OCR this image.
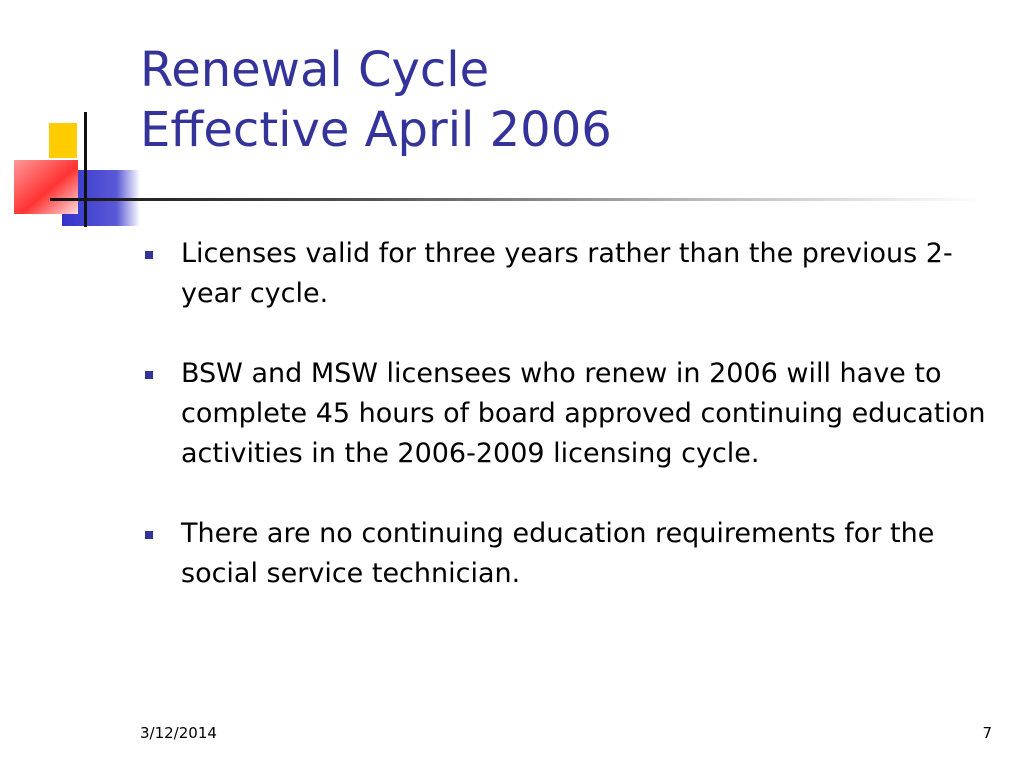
Renewal Cycle
Effective April 2006
Licenses valid for three years rather than the previous 2-year cycle.
BSW and MSW licensees who renew in 2006 will have to complete 45 hours of board approved continuing education activities in the 2006-2009 licensing cycle.
There are no continuing education requirements for the social service technician.
3/12/2014	7
